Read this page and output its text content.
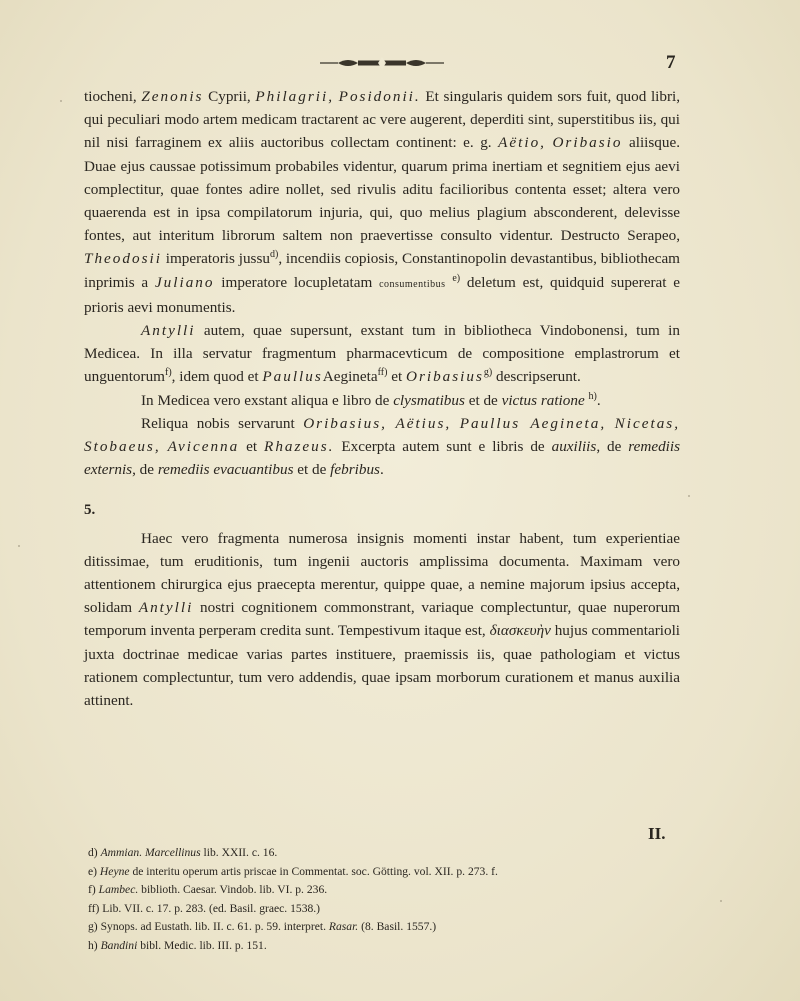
7

tiocheni, Zenonis Cyprii, Philagrii, Posidonii. Et singularis quidem sors fuit, quod libri, qui peculiari modo artem medicam tractarent ac vere augerent, deperditi sint, superstitibus iis, qui nil nisi farraginem ex aliis auctoribus collectam continent: e. g. Aëtio, Oribasio aliisque. Duae ejus caussae potissimum probabiles videntur, quarum prima inertiam et segnitiem ejus aevi complectitur, quae fontes adire nollet, sed rivulis aditu facilioribus contenta esset; altera vero quaerenda est in ipsa compilatorum injuria, qui, quo melius plagium absconderent, delevisse fontes, aut interitum librorum saltem non praevertisse consulto videntur. Destructo Serapeo, Theodosii imperatoris jussu$^{d)}$, incendiis copiosis, Constantinopolin devastantibus, bibliothecam inprimis a Juliano imperatore locupletatam consumentibus $^{e)}$ deletum est, quidquid supererat e prioris aevi monumentis.

Antylli autem, quae supersunt, exstant tum in bibliotheca Vindobonensi, tum in Medicea. In illa servatur fragmentum pharmacevticum de compositione emplastrorum et unguentorum$^{f)}$, idem quod et PaullusAegineta$^{ff)}$ et Oribasius$^{g)}$ descripserunt.

In Medicea vero exstant aliqua e libro de clysmatibus et de victus ratione $^{h)}$.

Reliqua nobis servarunt Oribasius, Aëtius, Paullus Aegineta, Nicetas, Stobaeus, Avicenna et Rhazeus. Excerpta autem sunt e libris de auxiliis, de remediis externis, de remediis evacuantibus et de febribus.

5.

Haec vero fragmenta numerosa insignis momenti instar habent, tum experientiae ditissimae, tum eruditionis, tum ingenii auctoris amplissima documenta. Maximam vero attentionem chirurgica ejus praecepta merentur, quippe quae, a nemine majorum ipsius accepta, solidam Antylli nostri cognitionem commonstrant, variaque complectuntur, quae nuperorum temporum inventa perperam credita sunt. Tempestivum itaque est, διασκευὴν hujus commentarioli juxta doctrinae medicae varias partes instituere, praemissis iis, quae pathologiam et victus rationem complectuntur, tum vero addendis, quae ipsam morborum curationem et manus auxilia attinent.

II.
d) Ammian. Marcellinus lib. XXII. c. 16.
e) Heyne de interitu operum artis priscae in Commentat. soc. Götting. vol. XII. p. 273. f.
f) Lambec. biblioth. Caesar. Vindob. lib. VI. p. 236.
ff) Lib. VII. c. 17. p. 283. (ed. Basil. graec. 1538.)
g) Synops. ad Eustath. lib. II. c. 61. p. 59. interpret. Rasar. (8. Basil. 1557.)
h) Bandini bibl. Medic. lib. III. p. 151.
